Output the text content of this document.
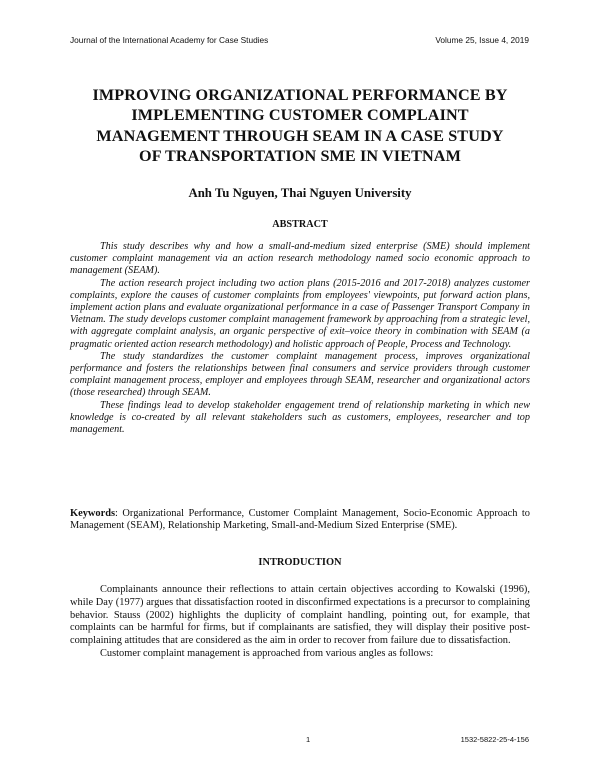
Journal of the International Academy for Case Studies	Volume 25, Issue 4, 2019
IMPROVING ORGANIZATIONAL PERFORMANCE BY
IMPLEMENTING CUSTOMER COMPLAINT
MANAGEMENT THROUGH SEAM IN A CASE STUDY
OF TRANSPORTATION SME IN VIETNAM

Anh Tu Nguyen, Thai Nguyen University

ABSTRACT

This study describes why and how a small-and-medium sized enterprise (SME) should implement customer complaint management via an action research methodology named socio economic approach to management (SEAM).

The action research project including two action plans (2015-2016 and 2017-2018) analyzes customer complaints, explore the causes of customer complaints from employees' viewpoints, put forward action plans, implement action plans and evaluate organizational performance in a case of Passenger Transport Company in Vietnam. The study develops customer complaint management framework by approaching from a strategic level, with aggregate complaint analysis, an organic perspective of exit–voice theory in combination with SEAM (a pragmatic oriented action research methodology) and holistic approach of People, Process and Technology.

The study standardizes the customer complaint management process, improves organizational performance and fosters the relationships between final consumers and service providers through customer complaint management process, employer and employees through SEAM, researcher and organizational actors (those researched) through SEAM.

These findings lead to develop stakeholder engagement trend of relationship marketing in which new knowledge is co-created by all relevant stakeholders such as customers, employees, researcher and top management.

Keywords: Organizational Performance, Customer Complaint Management, Socio-Economic Approach to Management (SEAM), Relationship Marketing, Small-and-Medium Sized Enterprise (SME).

INTRODUCTION

Complainants announce their reflections to attain certain objectives according to Kowalski (1996), while Day (1977) argues that dissatisfaction rooted in disconfirmed expectations is a precursor to complaining behavior. Stauss (2002) highlights the duplicity of complaint handling, pointing out, for example, that complaints can be harmful for firms, but if complainants are satisfied, they will display their positive post-complaining attitudes that are considered as the aim in order to recover from failure due to dissatisfaction.

Customer complaint management is approached from various angles as follows:

1	1532-5822-25-4-156
